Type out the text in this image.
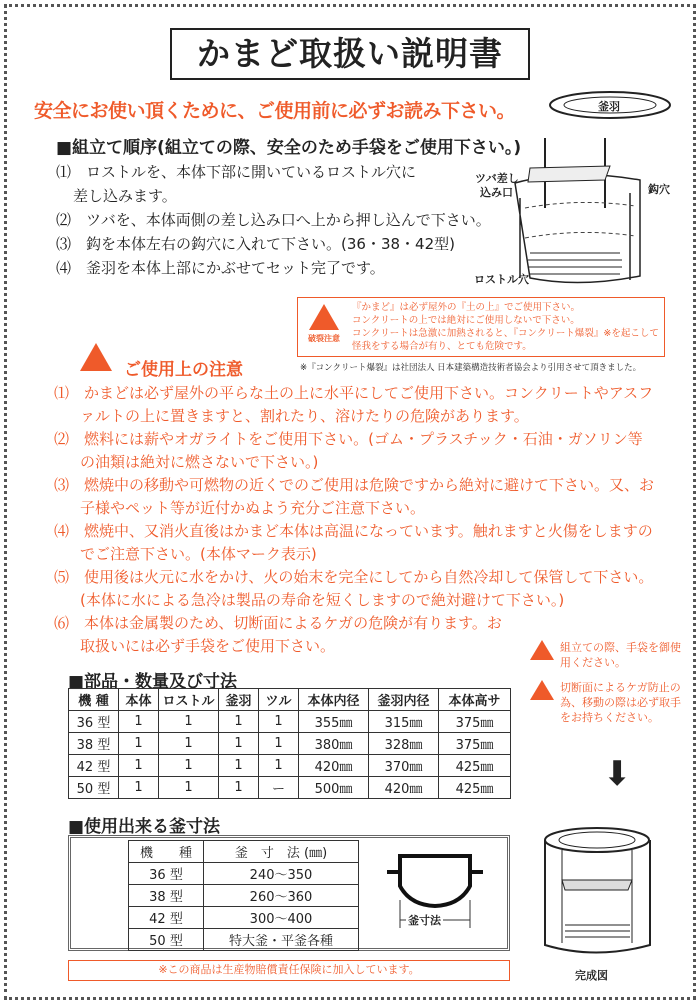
かまど取扱い説明書
安全にお使い頂くために、ご使用前に必ずお読み下さい。
■組立て順序(組立ての際、安全のため手袋をご使用下さい。)
⑴　ロストルを、本体下部に開いているロストル穴に
差し込みます。
⑵　ツバを、本体両側の差し込み口へ上から押し込んで下さい。
⑶　鈎を本体左右の鈎穴に入れて下さい。(36・38・42型)
⑷　釜羽を本体上部にかぶせてセット完了です。
釜羽
ツバ差し
込み口	鈎穴
ロストル穴
破裂注意
『かまど』は必ず屋外の『土の上』でご使用下さい。
コンクリートの上では絶対にご使用しないで下さい。
コンクリートは急激に加熱されると、『コンクリート爆裂』※を起こして
怪我をする場合が有り、とても危険です。
※『コンクリート爆裂』は社団法人 日本建築構造技術者協会より引用させて頂きました。
ご使用上の注意
⑴　かまどは必ず屋外の平らな土の上に水平にしてご使用下さい。コンクリートやアスファルトの上に置きますと、割れたり、溶けたりの危険があります。
⑵　燃料には薪やオガライトをご使用下さい。(ゴム・プラスチック・石油・ガソリン等の油類は絶対に燃さないで下さい。)
⑶　燃焼中の移動や可燃物の近くでのご使用は危険ですから絶対に避けて下さい。又、お子様やペット等が近付かぬよう充分ご注意下さい。
⑷　燃焼中、又消火直後はかまど本体は高温になっています。触れますと火傷をしますのでご注意下さい。(本体マーク表示)
⑸　使用後は火元に水をかけ、火の始末を完全にしてから自然冷却して保管して下さい。(本体に水による急冷は製品の寿命を短くしますので絶対避けて下さい。)
⑹　本体は金属製のため、切断面によるケガの危険が有ります。お取扱いには必ず手袋をご使用下さい。	組立ての際、手袋を御使用ください。
切断面によるケガ防止の為、移動の際は必ず取手をお持ちください。
⬇
■部品・数量及び寸法
機 種	本体	ロストル	釜羽	ツル	本体内径	釜羽内径	本体高サ
36 型	1	1	1	1	355㎜	315㎜	375㎜
38 型	1	1	1	1	380㎜	328㎜	375㎜
42 型	1	1	1	1	420㎜	370㎜	425㎜
50 型	1	1	1	ー	500㎜	420㎜	425㎜
■使用出来る釜寸法
機　　種	釜　寸　法 (㎜)
36 型	240〜350
38 型	260〜360
42 型	300〜400
50 型	特大釜・平釜各種
釜寸法
完成図
※この商品は生産物賠償責任保険に加入しています。
